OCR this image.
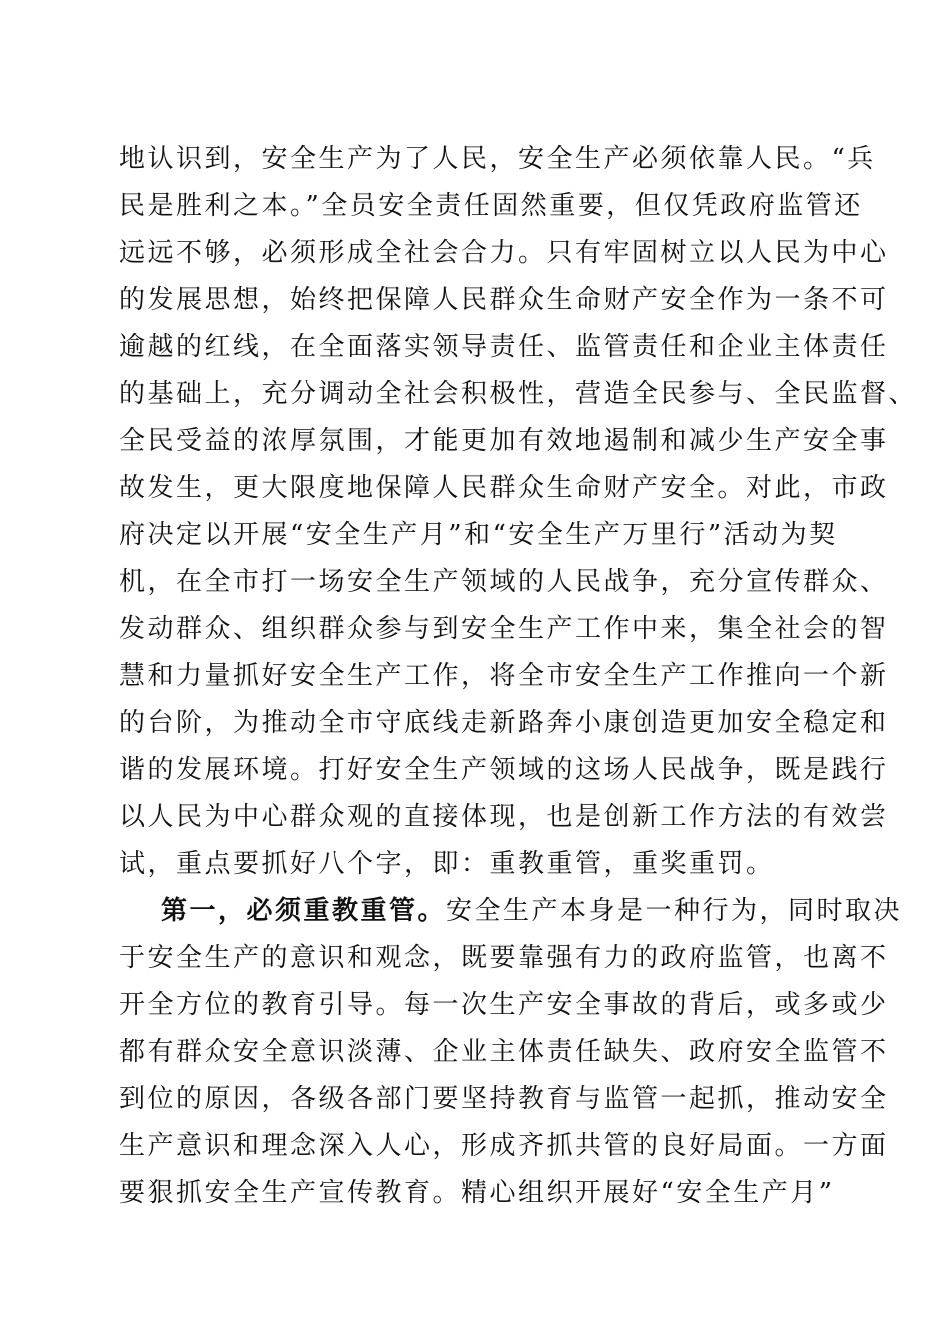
地认识到，安全生产为了人民，安全生产必须依靠人民。“兵
民是胜利之本。”全员安全责任固然重要，但仅凭政府监管还
远远不够，必须形成全社会合力。只有牢固树立以人民为中心
的发展思想，始终把保障人民群众生命财产安全作为一条不可
逾越的红线，在全面落实领导责任、监管责任和企业主体责任
的基础上，充分调动全社会积极性，营造全民参与、全民监督、
全民受益的浓厚氛围，才能更加有效地遏制和减少生产安全事
故发生，更大限度地保障人民群众生命财产安全。对此，市政
府决定以开展“安全生产月”和“安全生产万里行”活动为契
机，在全市打一场安全生产领域的人民战争，充分宣传群众、
发动群众、组织群众参与到安全生产工作中来，集全社会的智
慧和力量抓好安全生产工作，将全市安全生产工作推向一个新
的台阶，为推动全市守底线走新路奔小康创造更加安全稳定和
谐的发展环境。打好安全生产领域的这场人民战争，既是践行
以人民为中心群众观的直接体现，也是创新工作方法的有效尝
试，重点要抓好八个字，即：重教重管，重奖重罚。
第一，必须重教重管。安全生产本身是一种行为，同时取决
于安全生产的意识和观念，既要靠强有力的政府监管，也离不
开全方位的教育引导。每一次生产安全事故的背后，或多或少
都有群众安全意识淡薄、企业主体责任缺失、政府安全监管不
到位的原因，各级各部门要坚持教育与监管一起抓，推动安全
生产意识和理念深入人心，形成齐抓共管的良好局面。一方面
要狠抓安全生产宣传教育。精心组织开展好“安全生产月”
